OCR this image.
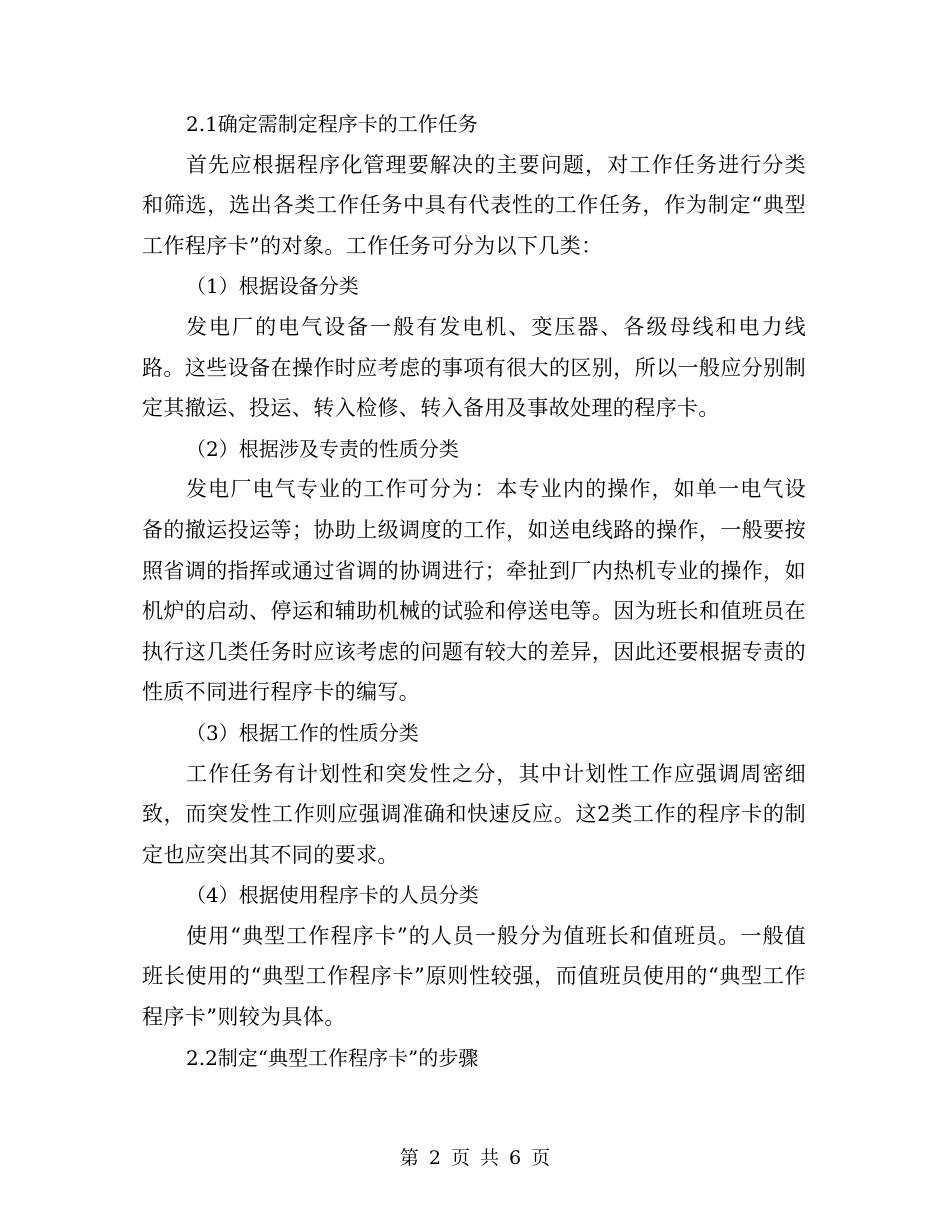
2.1确定需制定程序卡的工作任务

首先应根据程序化管理要解决的主要问题，对工作任务进行分类和筛选，选出各类工作任务中具有代表性的工作任务，作为制定“典型工作程序卡”的对象。工作任务可分为以下几类：

（1）根据设备分类

发电厂的电气设备一般有发电机、变压器、各级母线和电力线路。这些设备在操作时应考虑的事项有很大的区别，所以一般应分别制定其撤运、投运、转入检修、转入备用及事故处理的程序卡。

（2）根据涉及专责的性质分类

发电厂电气专业的工作可分为：本专业内的操作，如单一电气设备的撤运投运等；协助上级调度的工作，如送电线路的操作，一般要按照省调的指挥或通过省调的协调进行；牵扯到厂内热机专业的操作，如机炉的启动、停运和辅助机械的试验和停送电等。因为班长和值班员在执行这几类任务时应该考虑的问题有较大的差异，因此还要根据专责的性质不同进行程序卡的编写。

（3）根据工作的性质分类

工作任务有计划性和突发性之分，其中计划性工作应强调周密细致，而突发性工作则应强调准确和快速反应。这2类工作的程序卡的制定也应突出其不同的要求。

（4）根据使用程序卡的人员分类

使用“典型工作程序卡”的人员一般分为值班长和值班员。一般值班长使用的“典型工作程序卡”原则性较强，而值班员使用的“典型工作程序卡”则较为具体。

2.2制定“典型工作程序卡”的步骤

第 2 页 共 6 页
